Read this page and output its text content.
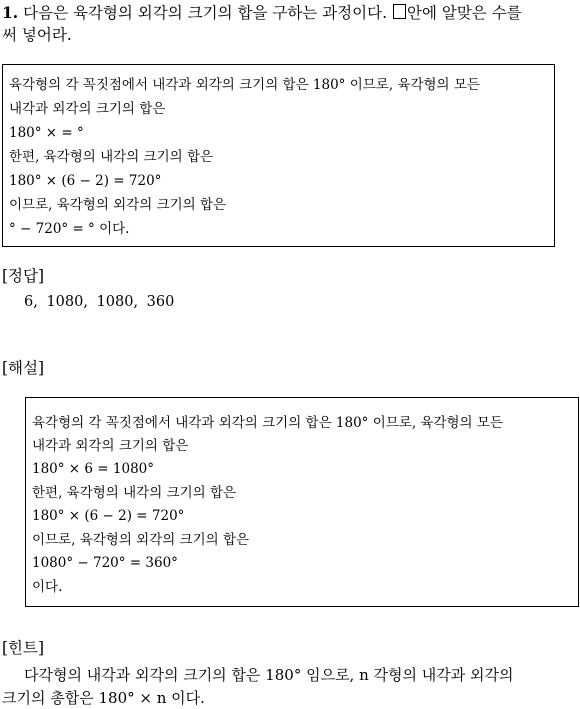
1. 다음은 육각형의 외각의 크기의 합을 구하는 과정이다. 안에 알맞은 수를
써 넣어라.
육각형의 각 꼭짓점에서 내각과 외각의 크기의 합은 180° 이므로, 육각형의 모든
내각과 외각의 크기의 합은
180° × = °
한편, 육각형의 내각의 크기의 합은
180° × (6 − 2) = 720°
이므로, 육각형의 외각의 크기의 합은
° − 720° = ° 이다.
[정답]
6, 1080, 1080, 360
[해설]
육각형의 각 꼭짓점에서 내각과 외각의 크기의 합은 180° 이므로, 육각형의 모든
내각과 외각의 크기의 합은
180° × 6 = 1080°
한편, 육각형의 내각의 크기의 합은
180° × (6 − 2) = 720°
이므로, 육각형의 외각의 크기의 합은
1080° − 720° = 360°
이다.
[힌트]
다각형의 내각과 외각의 크기의 합은 180° 임으로, n 각형의 내각과 외각의
크기의 총합은 180° × n 이다.
